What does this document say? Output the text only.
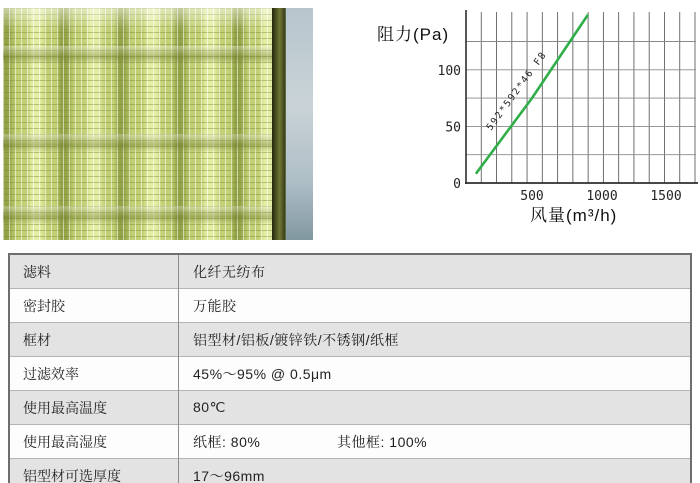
0
50
100
500	1000	1500
阻力(Pa)
风量(m³/h)
592*592*46 F8
滤料	化纤无纺布
密封胶	万能胶
框材	铝型材/铝板/镀锌铁/不锈钢/纸框
过滤效率	45%～95% @ 0.5μm
使用最高温度	80℃
使用最高湿度	纸框: 80% 其他框: 100%
铝型材可选厚度	17～96mm
